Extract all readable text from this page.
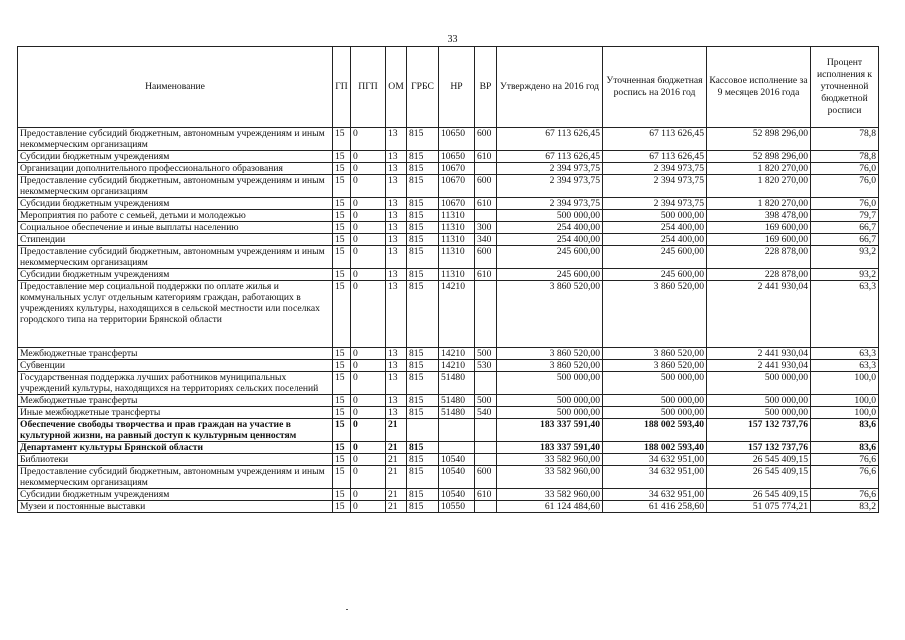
33
Наименование	ГП	ПГП	ОМ	ГРБС	НР	ВР	Утверждено на 2016 год	Уточненная бюджетная роспись на 2016 год	Кассовое исполнение за 9 месяцев 2016 года	Процент исполнения к уточненной бюджетной росписи
Предоставление субсидий бюджетным, автономным учреждениям и иным некоммерческим организациям	15	0	13	815	10650	600	67 113 626,45	67 113 626,45	52 898 296,00	78,8
Субсидии бюджетным учреждениям	15	0	13	815	10650	610	67 113 626,45	67 113 626,45	52 898 296,00	78,8
Организации дополнительного профессионального образования	15	0	13	815	10670		2 394 973,75	2 394 973,75	1 820 270,00	76,0
Предоставление субсидий бюджетным, автономным учреждениям и иным некоммерческим организациям	15	0	13	815	10670	600	2 394 973,75	2 394 973,75	1 820 270,00	76,0
Субсидии бюджетным учреждениям	15	0	13	815	10670	610	2 394 973,75	2 394 973,75	1 820 270,00	76,0
Мероприятия по работе с семьей, детьми и молодежью	15	0	13	815	11310		500 000,00	500 000,00	398 478,00	79,7
Социальное обеспечение и иные выплаты населению	15	0	13	815	11310	300	254 400,00	254 400,00	169 600,00	66,7
Стипендии	15	0	13	815	11310	340	254 400,00	254 400,00	169 600,00	66,7
Предоставление субсидий бюджетным, автономным учреждениям и иным некоммерческим организациям	15	0	13	815	11310	600	245 600,00	245 600,00	228 878,00	93,2
Субсидии бюджетным учреждениям	15	0	13	815	11310	610	245 600,00	245 600,00	228 878,00	93,2
Предоставление мер социальной поддержки по оплате жилья и коммунальных услуг отдельным категориям граждан, работающих в учреждениях культуры, находящихся в сельской местности или поселках городского типа на территории Брянской области	15	0	13	815	14210		3 860 520,00	3 860 520,00	2 441 930,04	63,3
Межбюджетные трансферты	15	0	13	815	14210	500	3 860 520,00	3 860 520,00	2 441 930,04	63,3
Субвенции	15	0	13	815	14210	530	3 860 520,00	3 860 520,00	2 441 930,04	63,3
Государственная поддержка лучших работников муниципальных учреждений культуры, находящихся на территориях сельских поселений	15	0	13	815	51480		500 000,00	500 000,00	500 000,00	100,0
Межбюджетные трансферты	15	0	13	815	51480	500	500 000,00	500 000,00	500 000,00	100,0
Иные межбюджетные трансферты	15	0	13	815	51480	540	500 000,00	500 000,00	500 000,00	100,0
Обеспечение свободы творчества и прав граждан на участие в культурной жизни, на равный доступ к культурным ценностям	15	0	21				183 337 591,40	188 002 593,40	157 132 737,76	83,6
Департамент культуры Брянской области	15	0	21	815			183 337 591,40	188 002 593,40	157 132 737,76	83,6
Библиотеки	15	0	21	815	10540		33 582 960,00	34 632 951,00	26 545 409,15	76,6
Предоставление субсидий бюджетным, автономным учреждениям и иным некоммерческим организациям	15	0	21	815	10540	600	33 582 960,00	34 632 951,00	26 545 409,15	76,6
Субсидии бюджетным учреждениям	15	0	21	815	10540	610	33 582 960,00	34 632 951,00	26 545 409,15	76,6
Музеи и постоянные выставки	15	0	21	815	10550		61 124 484,60	61 416 258,60	51 075 774,21	83,2
